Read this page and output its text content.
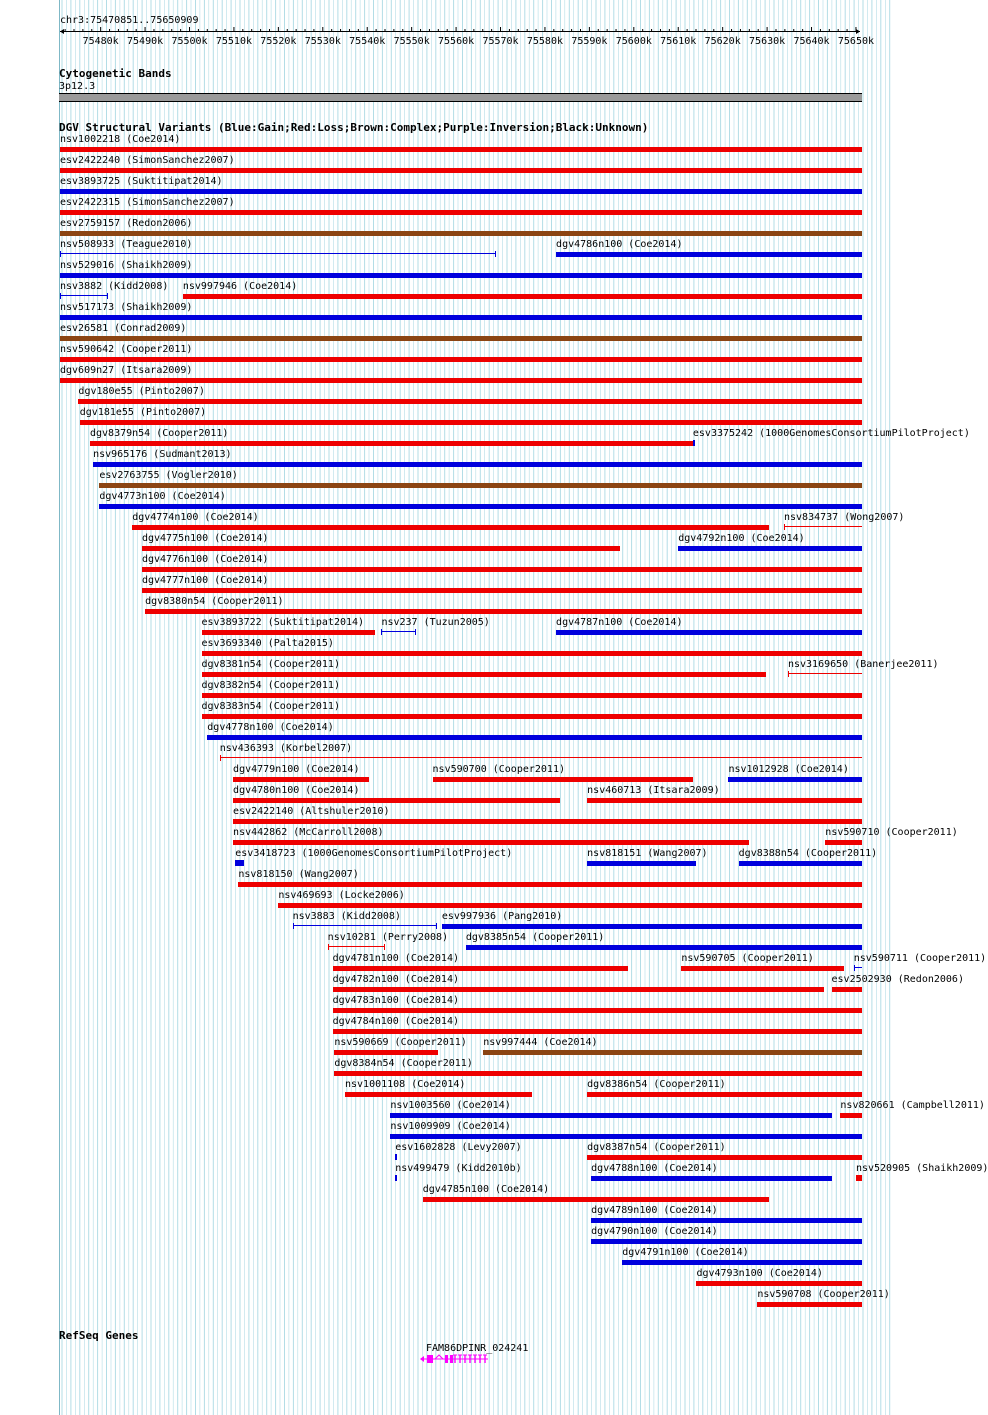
chr3:75470851..75650909
75480k 75490k 75500k 75510k 75520k 75530k 75540k 75550k 75560k 75570k 75580k 75590k 75600k 75610k 75620k 75630k 75640k 75650k
Cytogenetic Bands
3p12.3
DGV Structural Variants (Blue:Gain;Red:Loss;Brown:Complex;Purple:Inversion;Black:Unknown)
nsv1002218 (Coe2014)
esv2422240 (SimonSanchez2007)
esv3893725 (Suktitipat2014)
esv2422315 (SimonSanchez2007)
esv2759157 (Redon2006)
nsv508933 (Teague2010)	dgv4786n100 (Coe2014)
nsv529016 (Shaikh2009)
nsv3882 (Kidd2008) nsv997946 (Coe2014)
nsv517173 (Shaikh2009)
esv26581 (Conrad2009)
nsv590642 (Cooper2011)
dgv609n27 (Itsara2009)
dgv180e55 (Pinto2007)
dgv181e55 (Pinto2007)
dgv8379n54 (Cooper2011)	esv3375242 (1000GenomesConsortiumPilotProject)
nsv965176 (Sudmant2013)
esv2763755 (Vogler2010)
dgv4773n100 (Coe2014)
dgv4774n100 (Coe2014)	nsv834737 (Wong2007)
dgv4775n100 (Coe2014)	dgv4792n100 (Coe2014)
dgv4776n100 (Coe2014)
dgv4777n100 (Coe2014)
dgv8380n54 (Cooper2011)
esv3893722 (Suktitipat2014) nsv237 (Tuzun2005)	dgv4787n100 (Coe2014)
esv3693340 (Palta2015)
dgv8381n54 (Cooper2011)	nsv3169650 (Banerjee2011)
dgv8382n54 (Cooper2011)
dgv8383n54 (Cooper2011)
dgv4778n100 (Coe2014)
nsv436393 (Korbel2007)
dgv4779n100 (Coe2014)	nsv590700 (Cooper2011)	nsv1012928 (Coe2014)
dgv4780n100 (Coe2014)	nsv460713 (Itsara2009)
esv2422140 (Altshuler2010)
nsv442862 (McCarroll2008)	nsv590710 (Cooper2011)
esv3418723 (1000GenomesConsortiumPilotProject)	nsv818151 (Wang2007)	dgv8388n54 (Cooper2011)
nsv818150 (Wang2007)
nsv469693 (Locke2006)
nsv3883 (Kidd2008)	esv997936 (Pang2010)
nsv10281 (Perry2008) dgv8385n54 (Cooper2011)
dgv4781n100 (Coe2014)	nsv590705 (Cooper2011)	nsv590711 (Cooper2011)
dgv4782n100 (Coe2014)	esv2502930 (Redon2006)
dgv4783n100 (Coe2014)
dgv4784n100 (Coe2014)
nsv590669 (Cooper2011) nsv997444 (Coe2014)
dgv8384n54 (Cooper2011)
nsv1001108 (Coe2014)	dgv8386n54 (Cooper2011)
nsv1003560 (Coe2014)	nsv820661 (Campbell2011)
nsv1009909 (Coe2014)
esv1602828 (Levy2007)	dgv8387n54 (Cooper2011)
nsv499479 (Kidd2010b)	dgv4788n100 (Coe2014)	nsv520905 (Shaikh2009)
dgv4785n100 (Coe2014)
dgv4789n100 (Coe2014)
dgv4790n100 (Coe2014)
dgv4791n100 (Coe2014)
dgv4793n100 (Coe2014)
nsv590708 (Cooper2011)
RefSeq Genes
FAM86DPINR_024241
